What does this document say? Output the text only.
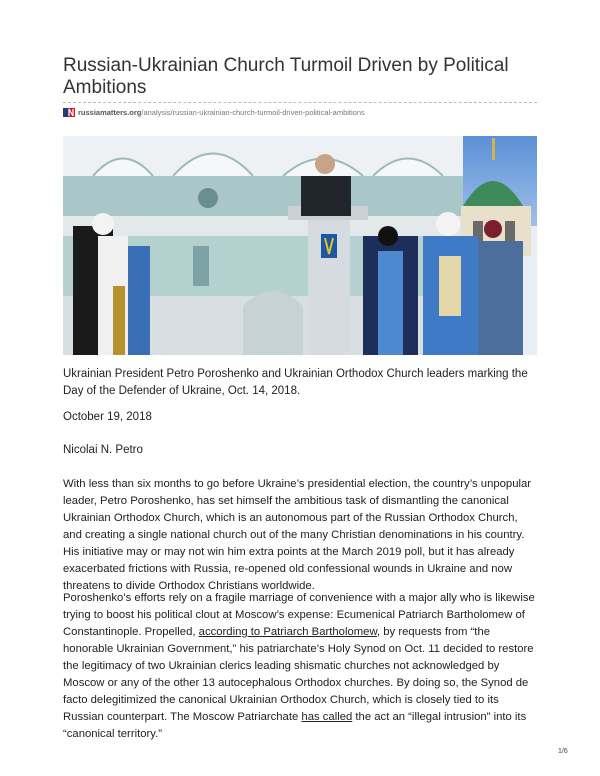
Russian-Ukrainian Church Turmoil Driven by Political Ambitions
russiamatters.org/analysis/russian-ukrainian-church-turmoil-driven-political-ambitions
Ukrainian President Petro Poroshenko and Ukrainian Orthodox Church leaders marking the Day of the Defender of Ukraine, Oct. 14, 2018.
October 19, 2018
Nicolai N. Petro
With less than six months to go before Ukraine’s presidential election, the country’s unpopular leader, Petro Poroshenko, has set himself the ambitious task of dismantling the canonical Ukrainian Orthodox Church, which is an autonomous part of the Russian Orthodox Church, and creating a single national church out of the many Christian denominations in his country. His initiative may or may not win him extra points at the March 2019 poll, but it has already exacerbated frictions with Russia, re-opened old confessional wounds in Ukraine and now threatens to divide Orthodox Christians worldwide.
Poroshenko’s efforts rely on a fragile marriage of convenience with a major ally who is likewise trying to boost his political clout at Moscow’s expense: Ecumenical Patriarch Bartholomew of Constantinople. Propelled, according to Patriarch Bartholomew, by requests from “the honorable Ukrainian Government,” his patriarchate’s Holy Synod on Oct. 11 decided to restore the legitimacy of two Ukrainian clerics leading shismatic churches not acknowledged by Moscow or any of the other 13 autocephalous Orthodox churches. By doing so, the Synod de facto delegitimized the canonical Ukrainian Orthodox Church, which is closely tied to its Russian counterpart. The Moscow Patriarchate has called the act an “illegal intrusion” into its “canonical territory.”
1/6
